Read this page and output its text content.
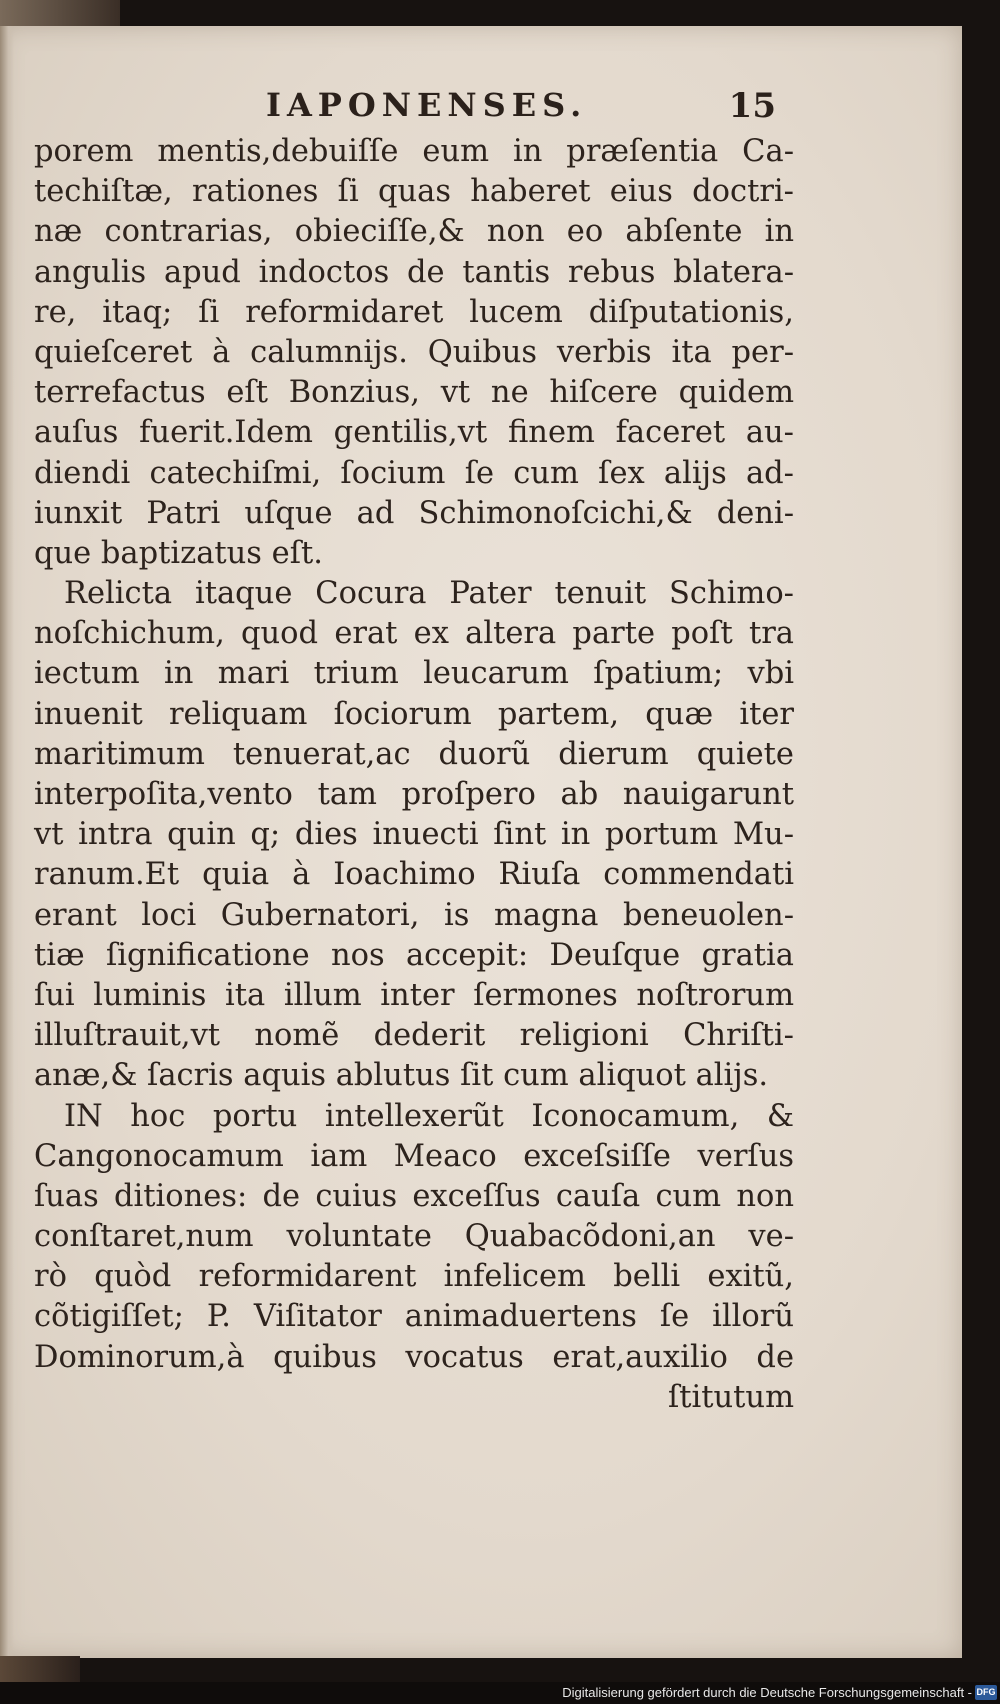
IAPONENSES.	15
porem mentis,debuiſſe eum in præſentia Ca-
techiſtæ, rationes ſi quas haberet eius doctri-
næ contrarias, obieciſſe,& non eo abſente in
angulis apud indoctos de tantis rebus blatera-
re, itaq; ſi reformidaret lucem diſputationis,
quieſceret à calumnijs. Quibus verbis ita per-
terrefactus eſt Bonzius, vt ne hiſcere quidem
auſus fuerit.Idem gentilis,vt finem faceret au-
diendi catechiſmi, ſocium ſe cum ſex alijs ad-
iunxit Patri uſque ad Schimonoſcichi,& deni-
que baptizatus eſt.
Relicta itaque Cocura Pater tenuit Schimo-
noſchichum, quod erat ex altera parte poſt tra
iectum in mari trium leucarum ſpatium; vbi
inuenit reliquam ſociorum partem, quæ iter
maritimum tenuerat,ac duorũ dierum quiete
interpoſita,vento tam proſpero ab nauigarunt
vt intra quin q; dies inuecti ſint in portum Mu-
ranum.Et quia à Ioachimo Riuſa commendati
erant loci Gubernatori, is magna beneuolen-
tiæ ſignificatione nos accepit: Deuſque gratia
ſui luminis ita illum inter ſermones noſtrorum
illuſtrauit,vt nomẽ dederit religioni Chriſti-
anæ,& ſacris aquis ablutus ſit cum aliquot alijs.
IN hoc portu intellexerũt Iconocamum, &
Cangonocamum iam Meaco exceſsiſſe verſus
ſuas ditiones: de cuius exceſſus cauſa cum non
conſtaret,num voluntate Quabacõdoni,an ve-
rò quòd reformidarent infelicem belli exitũ,
cõtigiſſet; P. Viſitator animaduertens ſe illorũ
Dominorum,à quibus vocatus erat,auxilio de
ſtitutum
Digitalisierung gefördert durch die Deutsche Forschungsgemeinschaft - DFG
